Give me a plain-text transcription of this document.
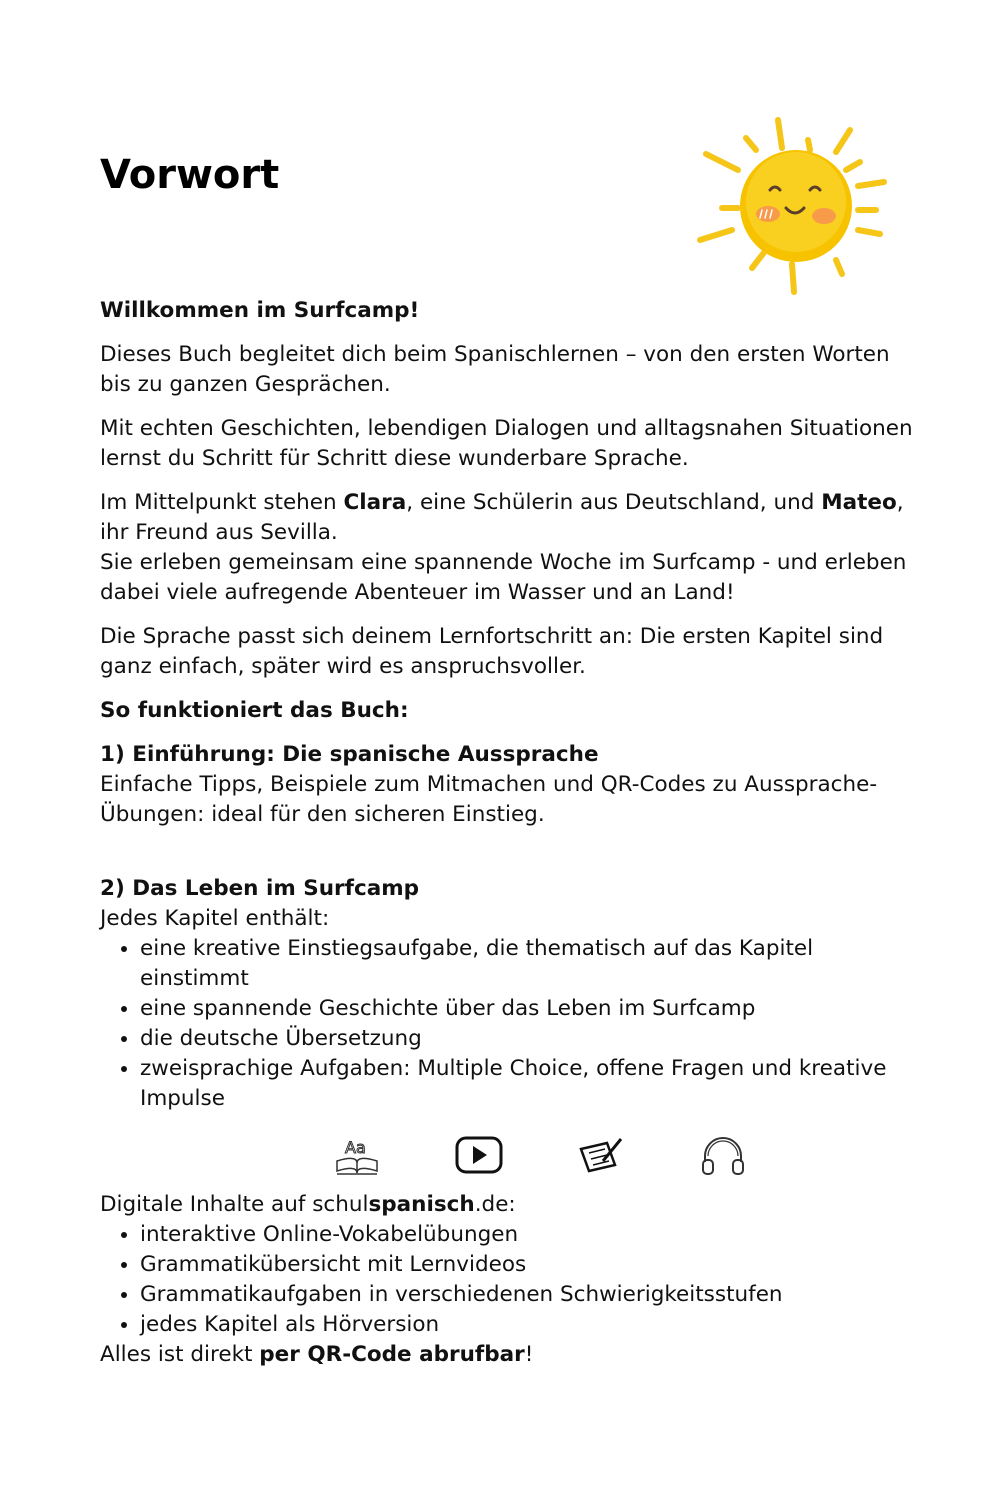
Vorwort

Willkommen im Surfcamp!

Dieses Buch begleitet dich beim Spanischlernen – von den ersten Worten bis zu ganzen Gesprächen.

Mit echten Geschichten, lebendigen Dialogen und alltagsnahen Situationen lernst du Schritt für Schritt diese wunderbare Sprache.

Im Mittelpunkt stehen Clara, eine Schülerin aus Deutschland, und Mateo, ihr Freund aus Sevilla.
Sie erleben gemeinsam eine spannende Woche im Surfcamp - und erleben dabei viele aufregende Abenteuer im Wasser und an Land!

Die Sprache passt sich deinem Lernfortschritt an: Die ersten Kapitel sind ganz einfach, später wird es anspruchsvoller.

So funktioniert das Buch:

1) Einführung: Die spanische Aussprache
Einfache Tipps, Beispiele zum Mitmachen und QR-Codes zu Aussprache-Übungen: ideal für den sicheren Einstieg.
2) Das Leben im Surfcamp
Jedes Kapitel enthält:
• eine kreative Einstiegsaufgabe, die thematisch auf das Kapitel einstimmt
• eine spannende Geschichte über das Leben im Surfcamp
• die deutsche Übersetzung
• zweisprachige Aufgaben: Multiple Choice, offene Fragen und kreative Impulse
Aa
Digitale Inhalte auf schulspanisch.de:
• interaktive Online-Vokabelübungen
• Grammatikübersicht mit Lernvideos
• Grammatikaufgaben in verschiedenen Schwierigkeitsstufen
• jedes Kapitel als Hörversion
Alles ist direkt per QR-Code abrufbar!
